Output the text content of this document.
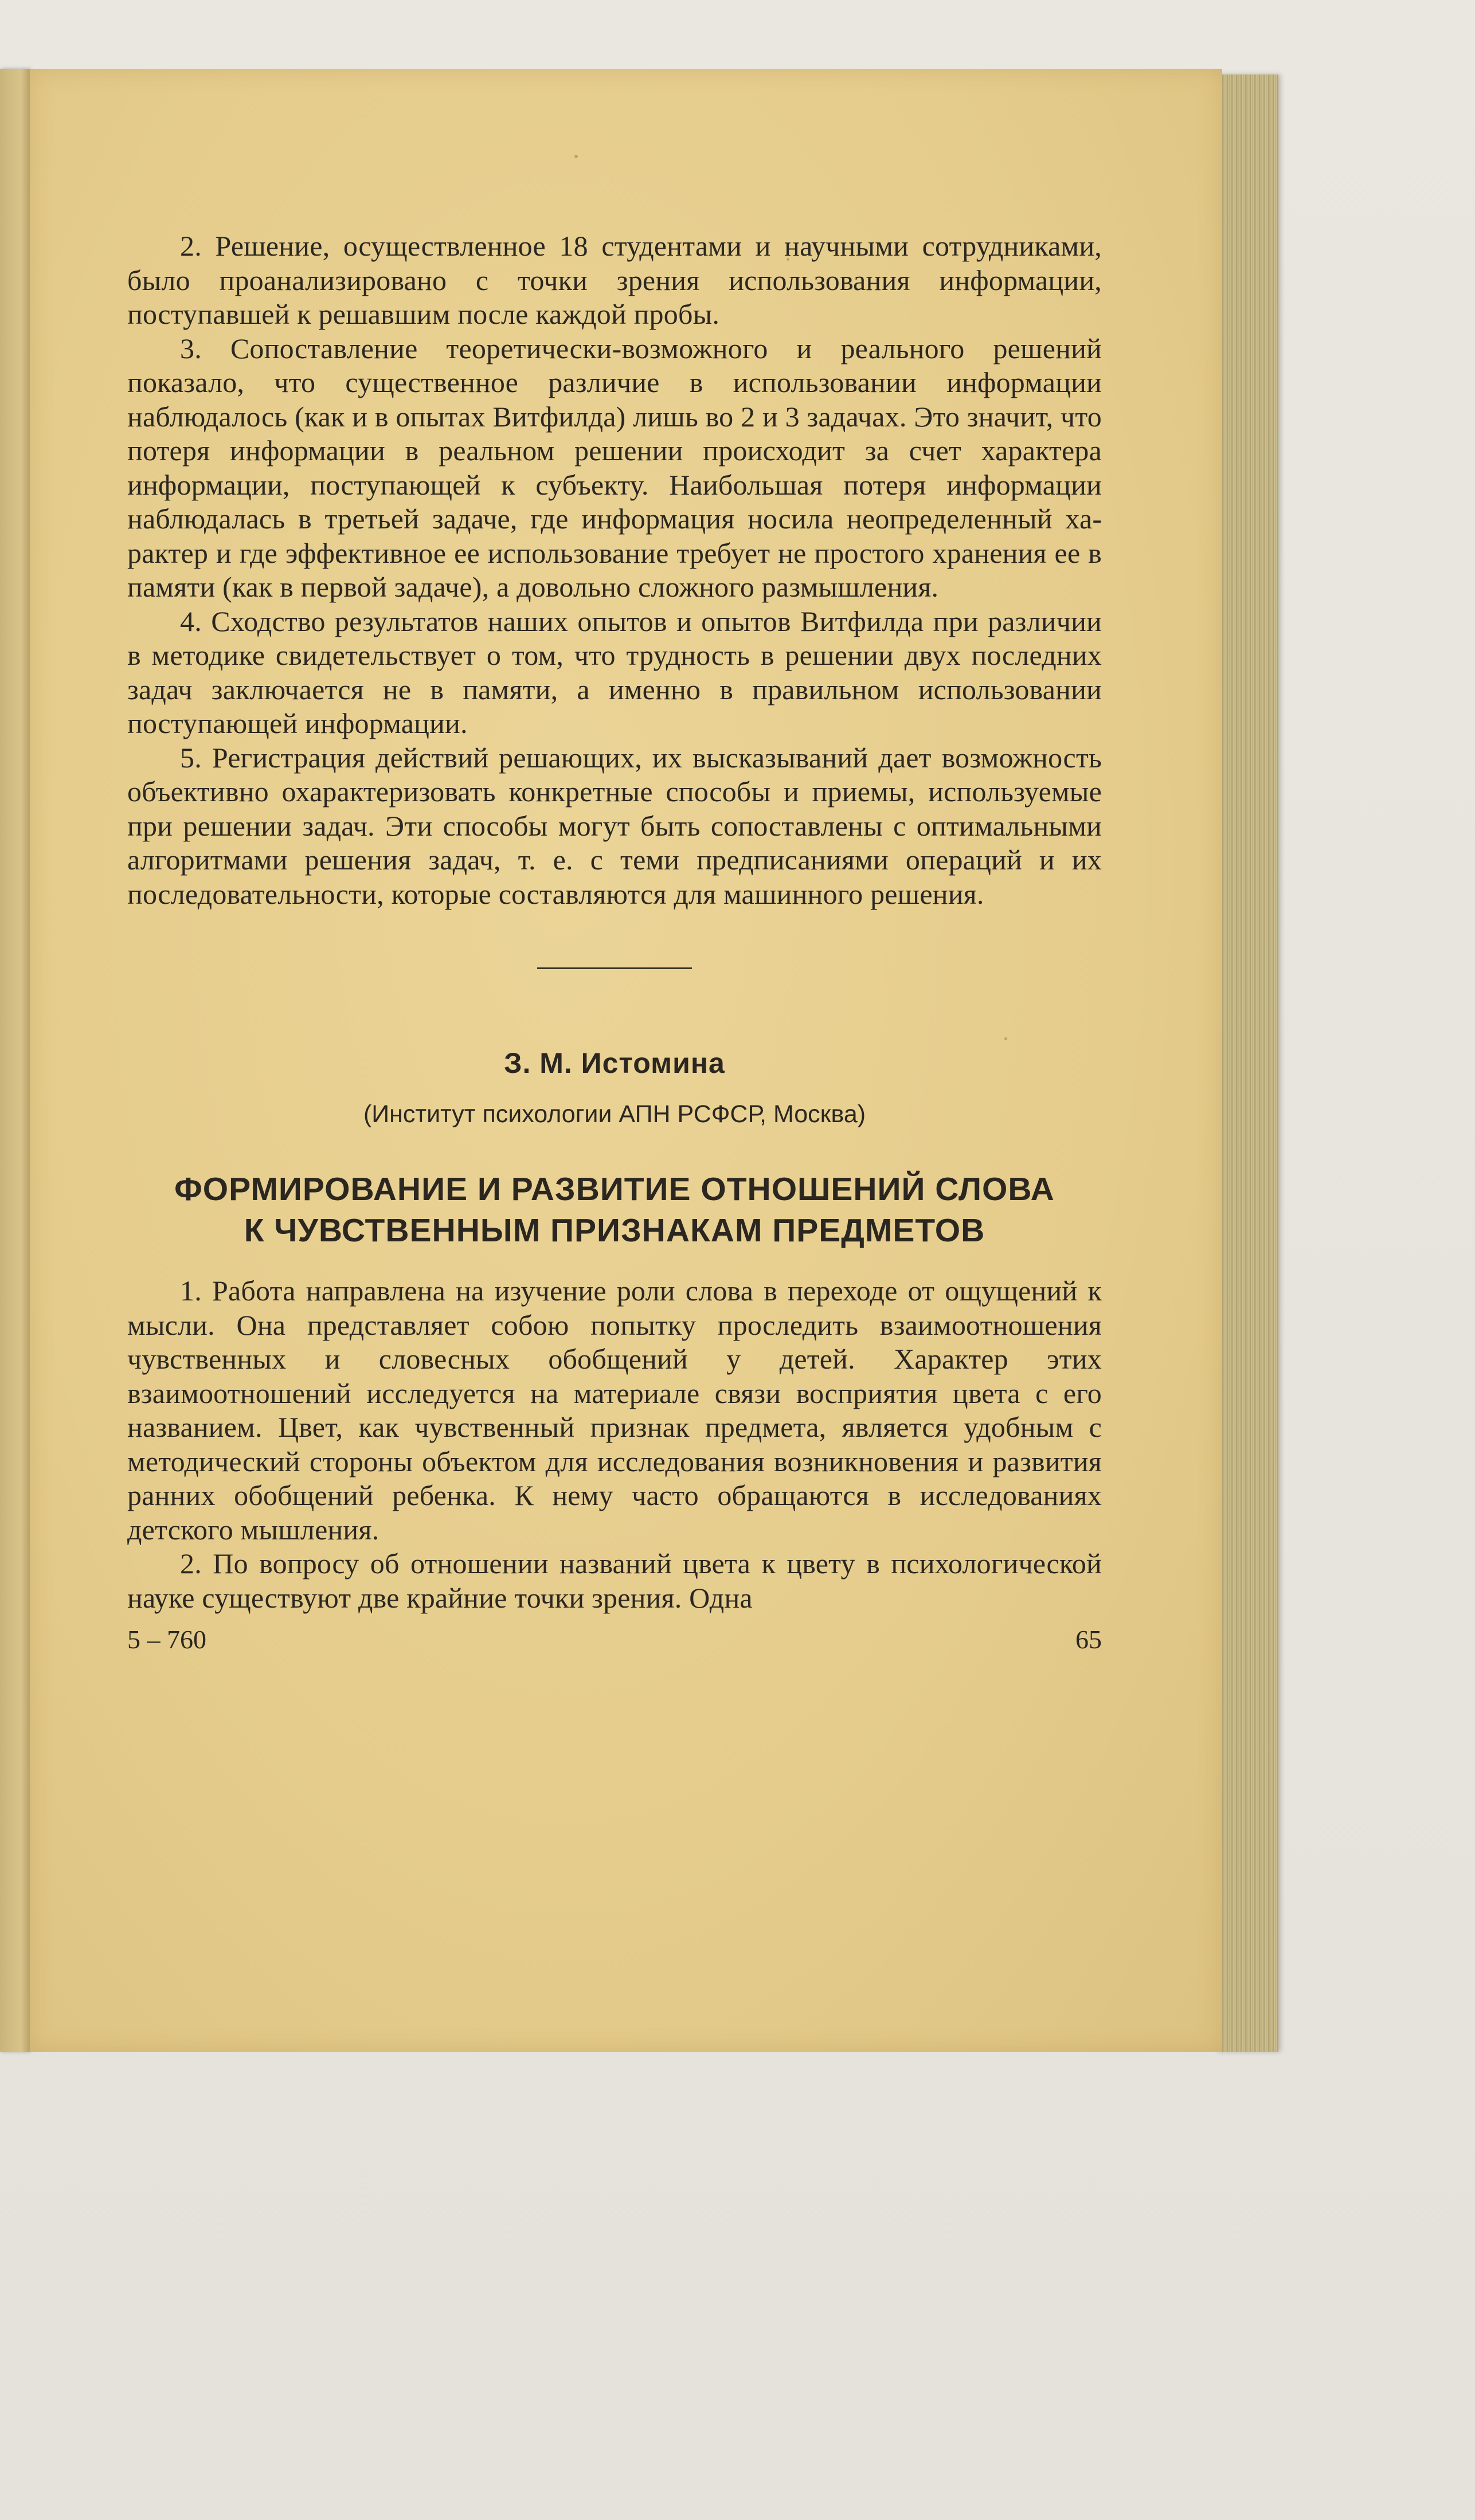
2. Решение, осуществленное 18 студентами и научными сотрудниками, было проанализировано с точки зрения использования информации, поступавшей к решавшим после каждой пробы.

3. Сопоставление теоретически-возможного и реального решений показало, что существенное различие в использовании информации наблюдалось (как и в опытах Витфилда) лишь во 2 и 3 задачах. Это значит, что потеря информации в реальном решении происходит за счет характера информации, поступающей к субъекту. Наибольшая потеря информации наблюдалась в третьей задаче, где информация носила неопределенный характер и где эффективное ее использование требует не простого хранения ее в памяти (как в первой задаче), а довольно сложного размышления.

4. Сходство результатов наших опытов и опытов Витфилда при различии в методике свидетельствует о том, что трудность в решении двух последних задач заключается не в памяти, а именно в правильном использовании поступающей информации.

5. Регистрация действий решающих, их высказываний дает возможность объективно охарактеризовать конкретные способы и приемы, используемые при решении задач. Эти способы могут быть сопоставлены с оптимальными алгоритмами решения задач, т. е. с теми предписаниями операций и их последовательности, которые составляются для машинного решения.

З. М. Истомина
(Институт психологии АПН РСФСР, Москва)
ФОРМИРОВАНИЕ И РАЗВИТИЕ ОТНОШЕНИЙ СЛОВА
К ЧУВСТВЕННЫМ ПРИЗНАКАМ ПРЕДМЕТОВ

1. Работа направлена на изучение роли слова в переходе от ощущений к мысли. Она представляет собою попытку проследить взаимоотношения чувственных и словесных обобщений у детей. Характер этих взаимоотношений исследуется на материале связи восприятия цвета с его названием. Цвет, как чувственный признак предмета, является удобным с методический стороны объектом для исследования возникновения и развития ранних обобщений ребенка. К нему часто обращаются в исследованиях детского мышления.

2. По вопросу об отношении названий цвета к цвету в психологической науке существуют две крайние точки зрения. Одна

5 – 760	65
